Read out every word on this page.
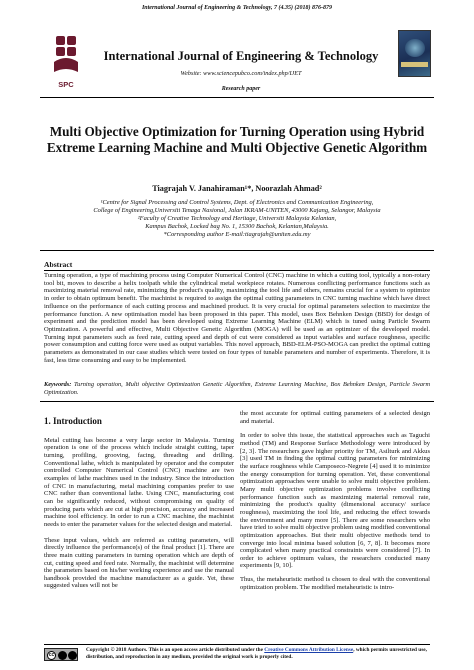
International Journal of Engineering & Technology, 7 (4.35) (2018) 876-879
SPC
International Journal of Engineering & Technology
Website: www.sciencepubco.com/index.php/IJET
Research paper
Multi Objective Optimization for Turning Operation using Hybrid Extreme Learning Machine and Multi Objective Genetic Algorithm
Tiagrajah V. Janahiraman¹*, Noorazlah Ahmad²
¹Centre for Signal Processing and Control Systems, Dept. of Electronics and Communication Engineering,
College of Engineering,Universiti Tenaga Nasional, Jalan IKRAM-UNITEN, 43000 Kajang, Selangor, Malaysia
²Faculty of Creative Technology and Heritage, Universiti Malaysia Kelantan,
Kampus Bachok, Locked bag No. 1, 15300 Bachok, Kelantan,Malaysia.
*Corresponding author E-mail:tiagrajah@uniten.edu.my
Abstract
Turning operation, a type of machining process using Computer Numerical Control (CNC) machine in which a cutting tool, typically a non-rotary tool bit, moves to describe a helix toolpath while the cylindrical metal workpiece rotates. Numerous conflicting performance functions such as maximizing material removal rate, minimizing the product's quality, maximizing the tool life and others, remains crucial for a system to optimize in order to obtain optimum benefit. The machinist is required to assign the optimal cutting parameters in CNC turning machine which have direct influence on the performance of each cutting process and machined product. It is very crucial for optimal parameters selection to maximize the performance function. A new optimisation model has been proposed in this paper. This model, uses Box Behnken Design (BBD) for design of experiment and the prediction model has been developed using Extreme Learning Machine (ELM) which is tuned using Particle Swarm Optimization. A powerful and effective, Multi Objective Genetic Algorithm (MOGA) will be used as an optimizer of the developed model. Turning input parameters such as feed rate, cutting speed and depth of cut were considered as input variables and surface roughness, specific power consumption and cutting force were used as output variables. This novel approach, BBD-ELM-PSO-MOGA can predict the optimal cutting parameters as demonstrated in our case studies which were tested on four types of tunable parameters and number of experiments. Therefore, it is fast, less time consuming and easy to be implemented.
Keywords: Turning operation, Multi objective Optimization Genetic Algorithm, Extreme Learning Machine, Box Behnken Design, Particle Swarm Optimization.
1. Introduction

Metal cutting has become a very large sector in Malaysia. Turning operation is one of the process which include straight cutting, taper turning, profiling, grooving, facing, threading and drilling. Conventional lathe, which is manipulated by operator and the computer controlled Computer Numerical Control (CNC) machine are two examples of lathe machines used in the industry. Since the introduction of CNC in manufacturing, metal machining companies prefer to use CNC rather than conventional lathe. Using CNC, manufacturing cost can be significantly reduced, without compromising on quality of producing parts which are cut at high precision, accuracy and increased machine tool efficiency. In order to run a CNC machine, the machinist needs to enter the parameter values for the selected design and material.

These input values, which are referred as cutting parameters, will directly influence the performance(s) of the final product [1]. There are three main cutting parameters in turning operation which are depth of cut, cutting speed and feed rate. Normally, the machinist will determine the parameters based on his/her working experience and use the manual handbook provided the machine manufacturer as a guide. Yet, these suggested values will not be

the most accurate for optimal cutting parameters of a selected design and material.

In order to solve this issue, the statistical approaches such as Taguchi method (TM) and Response Surface Methodology were introduced by [2, 3]. The researchers gave higher priority for TM, Asilturk and Akkus [3] used TM in finding the optimal cutting parameters for minimizing the surface roughness while Camposeco-Negrete [4] used it to minimize the energy consumption for turning operation. Yet, these conventional optimization approaches were unable to solve multi objective problem. Many multi objective optimization problems involve conflicting performance function such as maximizing material removal rate, minimizing the product's quality (dimensional accuracy/ surface roughness), maximizing the tool life, and reducing the effect towards the environment and many more [5]. There are some researchers who have tried to solve multi objective problem using modified conventional optimization approaches. But their multi objective methods tend to converge into local minima based solution [6, 7, 8]. It becomes more complicated when many practical constraints were considered [7]. In order to achieve optimum values, the researchers conducted many experiments [9, 10].

Thus, the metaheuristic method is chosen to deal with the conventional optimization problem. The modified metaheuristic is intro-

cc
Copyright © 2018 Authors. This is an open access article distributed under the Creative Commons Attribution License, which permits unrestricted use, distribution, and reproduction in any medium, provided the original work is properly cited.
